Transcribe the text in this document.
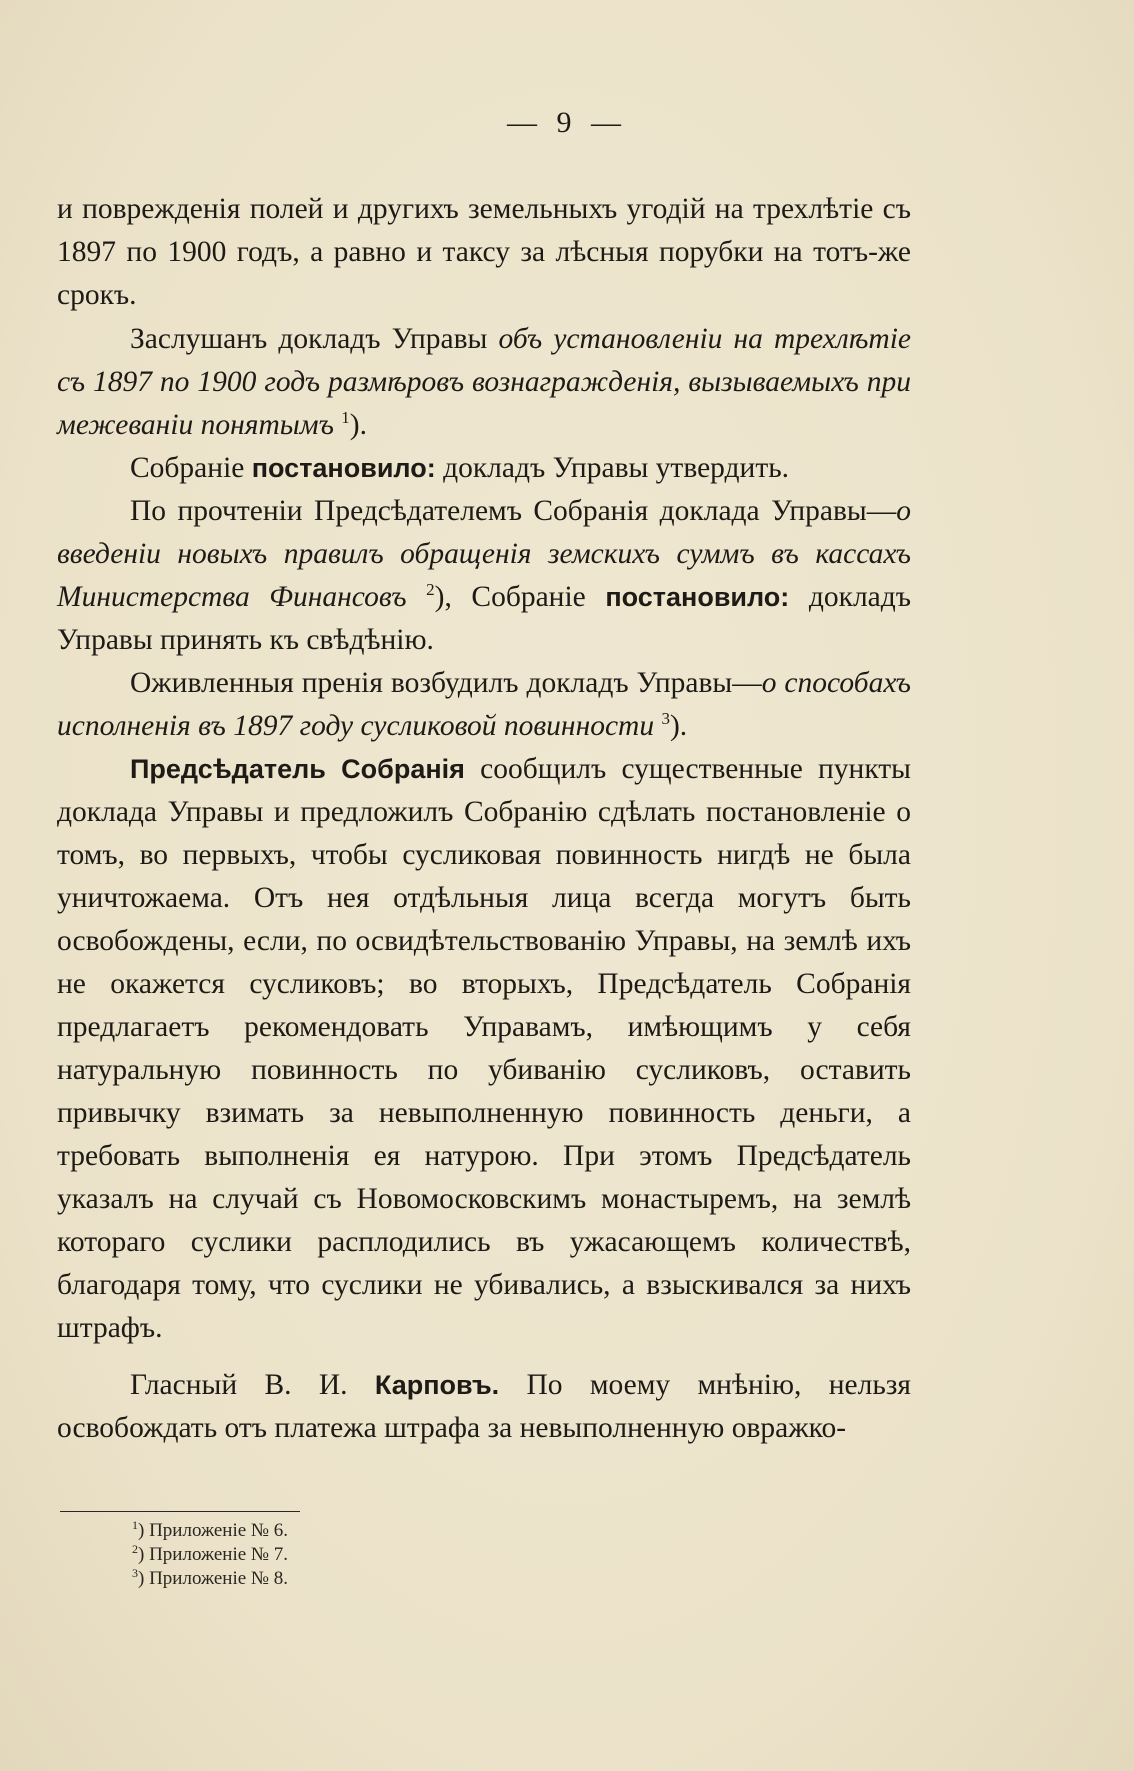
— 9 —

и поврежденія полей и другихъ земельныхъ угодій на трехлѣтіе съ 1897 по 1900 годъ, а равно и таксу за лѣсныя порубки на тотъ-же срокъ.

Заслушанъ докладъ Управы объ установленіи на трехлѣтіе съ 1897 по 1900 годъ размѣровъ вознагражденія, вызываемыхъ при межеваніи понятымъ $^1$).

Собраніе постановило: докладъ Управы утвердить.

По прочтеніи Предсѣдателемъ Собранія доклада Управы—о введеніи новыхъ правилъ обращенія земскихъ суммъ въ кассахъ Министерства Финансовъ $^2$), Собраніе постановило: докладъ Управы принять къ свѣдѣнію.

Оживленныя пренія возбудилъ докладъ Управы—о способахъ исполненія въ 1897 году сусликовой повинности $^3$).

Предсѣдатель Собранія сообщилъ существенные пункты доклада Управы и предложилъ Собранію сдѣлать постановленіе о томъ, во первыхъ, чтобы сусликовая повинность нигдѣ не была уничтожаема. Отъ нея отдѣльныя лица всегда могутъ быть освобождены, если, по освидѣтельствованію Управы, на землѣ ихъ не окажется сусликовъ; во вторыхъ, Предсѣдатель Собранія предлагаетъ рекомендовать Управамъ, имѣющимъ у себя натуральную повинность по убиванію сусликовъ, оставить привычку взимать за невыполненную повинность деньги, а требовать выполненія ея натурою. При этомъ Предсѣдатель указалъ на случай съ Новомосковскимъ монастыремъ, на землѣ котораго суслики расплодились въ ужасающемъ количествѣ, благодаря тому, что суслики не убивались, а взыскивался за нихъ штрафъ.

Гласный В. И. Карповъ. По моему мнѣнію, нельзя освобождать отъ платежа штрафа за невыполненную овражко-

$^1$) Приложеніе № 6.
$^2$) Приложеніе № 7.
$^3$) Приложеніе № 8.
